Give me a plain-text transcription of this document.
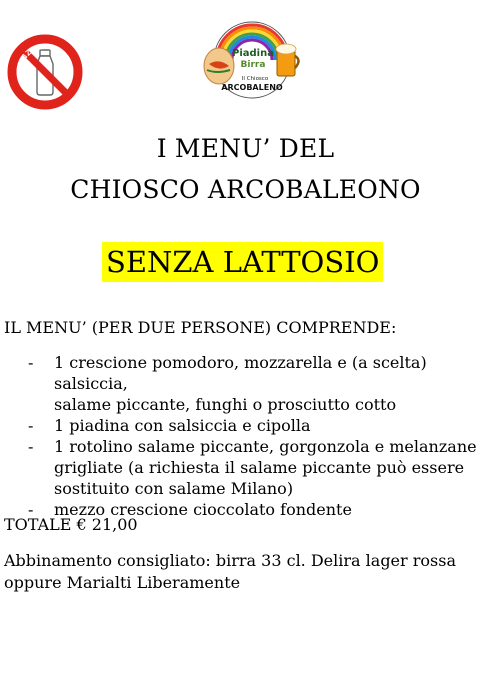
SENZA LATTOSIO
Piadina
Birra
Il Chiosco
ARCOBALENO
I MENU’ DEL
CHIOSCO ARCOBALEONO
SENZA LATTOSIO
IL MENU’ (PER DUE PERSONE) COMPRENDE:
- 1 crescione pomodoro, mozzarella e (a scelta) salsiccia,
salame piccante, funghi o prosciutto cotto
- 1 piadina con salsiccia e cipolla
- 1 rotolino salame piccante, gorgonzola e melanzane
grigliate (a richiesta il salame piccante può essere
sostituito con salame Milano)
- mezzo crescione cioccolato fondente
TOTALE € 21,00
Abbinamento consigliato: birra 33 cl. Delira lager rossa
oppure Marialti Liberamente
